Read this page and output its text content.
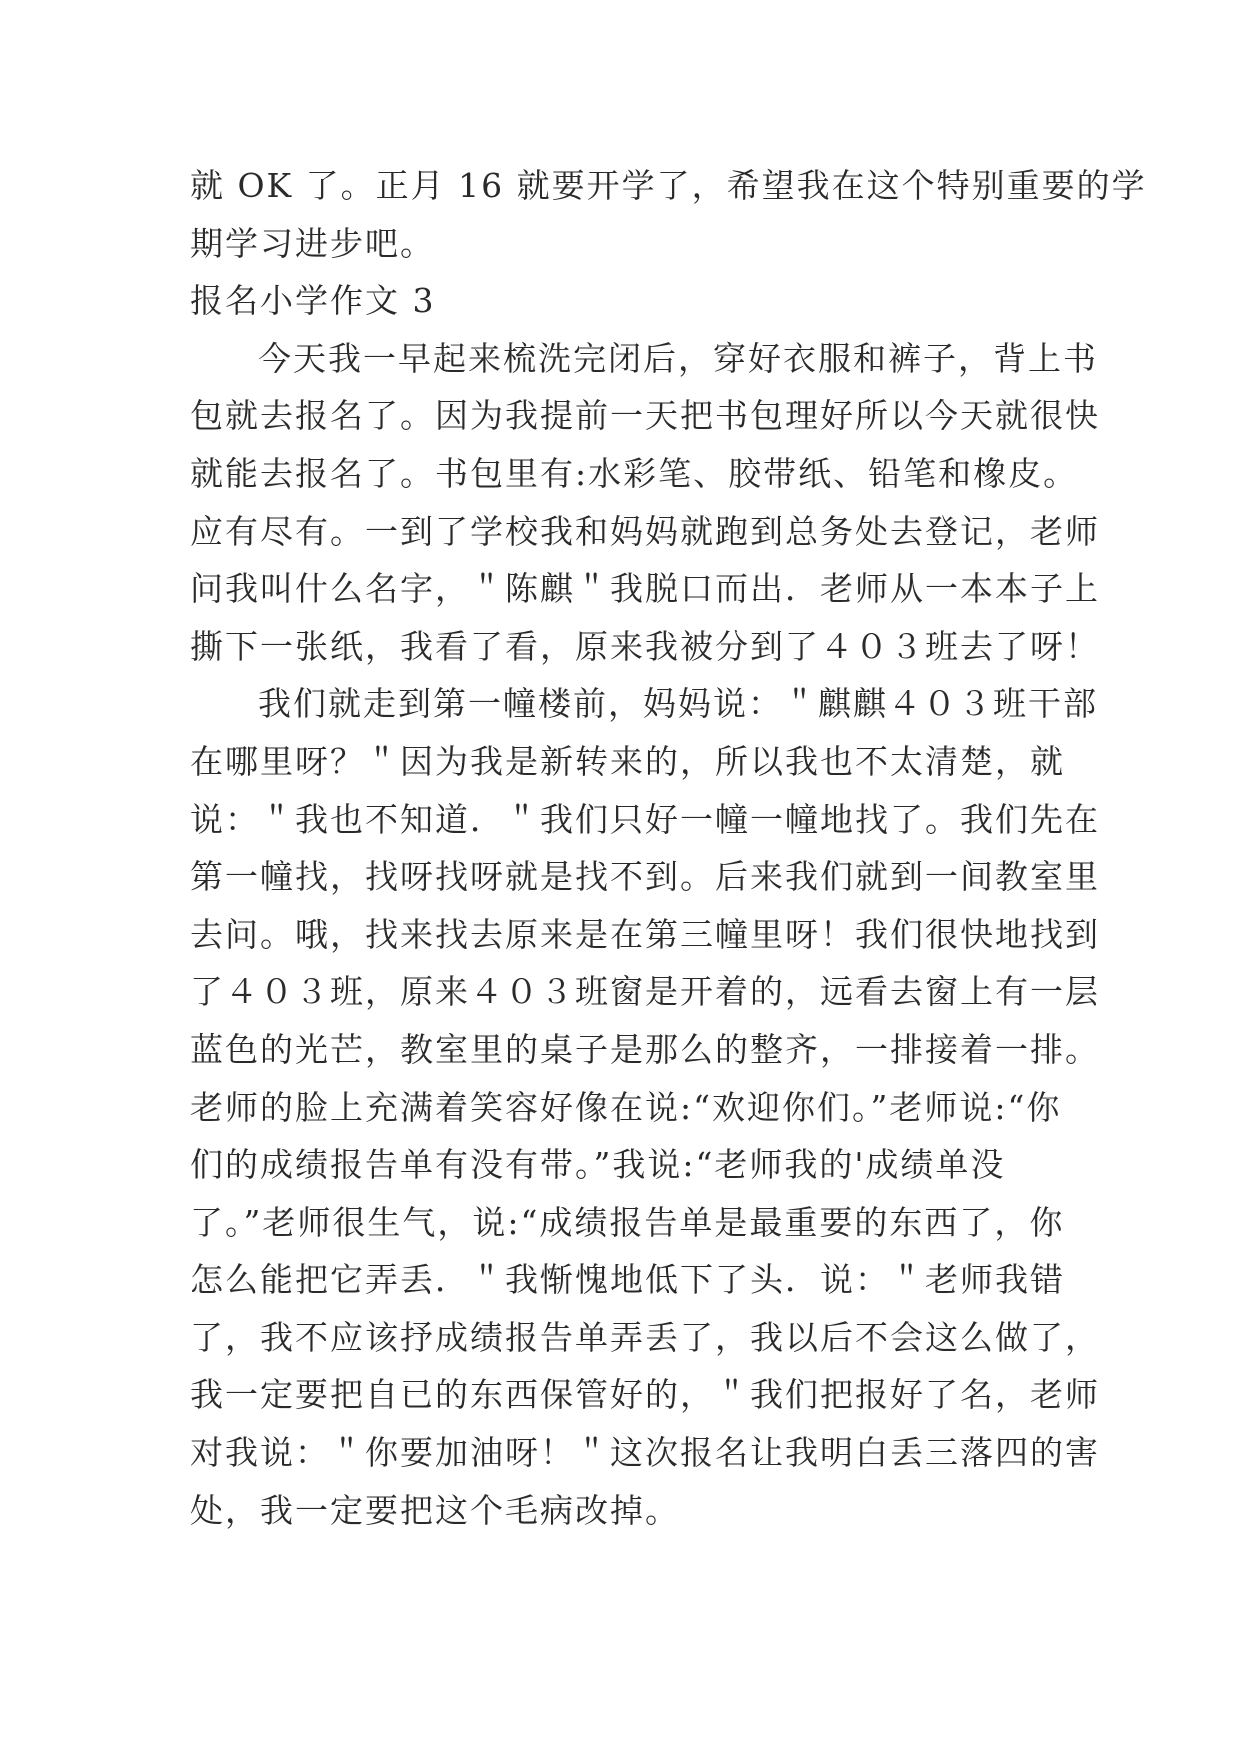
就 OK 了。正月 16 就要开学了，希望我在这个特别重要的学
期学习进步吧。
报名小学作文 3
今天我一早起来梳洗完闭后，穿好衣服和裤子，背上书
包就去报名了。因为我提前一天把书包理好所以今天就很快
就能去报名了。书包里有:水彩笔、胶带纸、铅笔和橡皮。
应有尽有。一到了学校我和妈妈就跑到总务处去登记，老师
问我叫什么名字，＂陈麒＂我脱口而出．老师从一本本子上
撕下一张纸，我看了看，原来我被分到了４０３班去了呀！
我们就走到第一幢楼前，妈妈说：＂麒麒４０３班干部
在哪里呀？＂因为我是新转来的，所以我也不太清楚，就
说：＂我也不知道．＂我们只好一幢一幢地找了。我们先在
第一幢找，找呀找呀就是找不到。后来我们就到一间教室里
去问。哦，找来找去原来是在第三幢里呀！我们很快地找到
了４０３班，原来４０３班窗是开着的，远看去窗上有一层
蓝色的光芒，教室里的桌子是那么的整齐，一排接着一排。
老师的脸上充满着笑容好像在说:“欢迎你们。”老师说:“你
们的成绩报告单有没有带。”我说:“老师我的'成绩单没
了。”老师很生气，说:“成绩报告单是最重要的东西了，你
怎么能把它弄丢．＂我惭愧地低下了头．说：＂老师我错
了，我不应该抒成绩报告单弄丢了，我以后不会这么做了，
我一定要把自已的东西保管好的，＂我们把报好了名，老师
对我说：＂你要加油呀！＂这次报名让我明白丢三落四的害
处，我一定要把这个毛病改掉。
